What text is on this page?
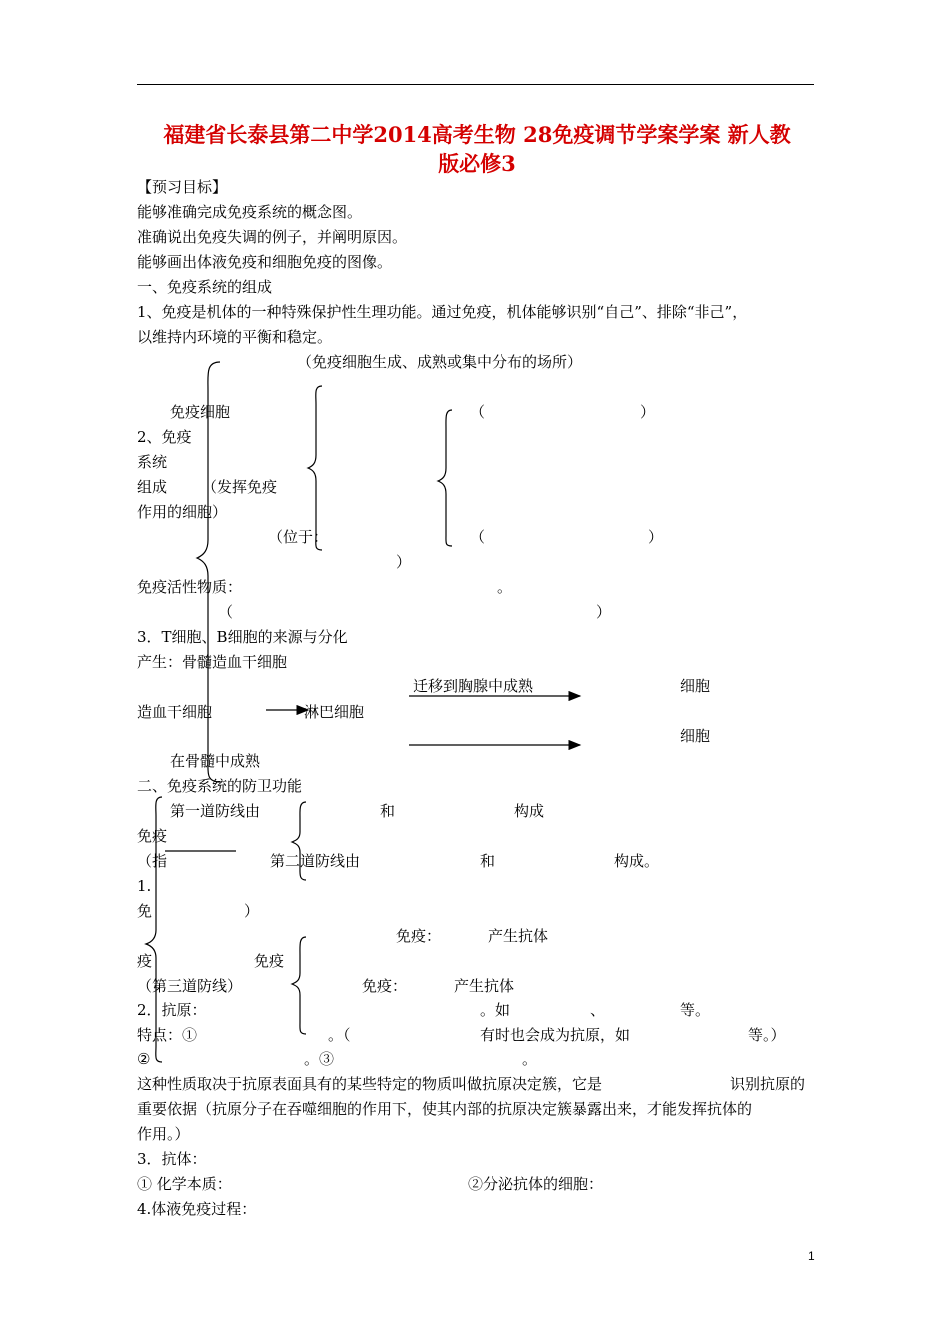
福建省长泰县第二中学2014高考生物 28免疫调节学案学案 新人教
版必修3
【预习目标】
能够准确完成免疫系统的概念图。
准确说出免疫失调的例子，并阐明原因。
能够画出体液免疫和细胞免疫的图像。
一、免疫系统的组成
1、免疫是机体的一种特殊保护性生理功能。通过免疫，机体能够识别“自己”、排除“非己”，
以维持内环境的平衡和稳定。
（免疫细胞生成、成熟或集中分布的场所）
免疫细胞	（	）
2、免疫
系统
组成 （发挥免疫
作用的细胞）
（位于：	（	）
）
免疫活性物质：	。
（	）
3．T细胞、B细胞的来源与分化
产生：骨髓造血干细胞
迁移到胸腺中成熟	细胞
造血干细胞	淋巴细胞
细胞
在骨髓中成熟
二、免疫系统的防卫功能
第一道防线由	和	构成
免疫
（指	第二道防线由	和	构成。
1.
免	）
免疫：	产生抗体
疫	免疫
免疫：	产生抗体
（第三道防线）
2．抗原：	。如	、	等。
特点：①	。（	有时也会成为抗原，如	等。）
②	。③	。
这种性质取决于抗原表面具有的某些特定的物质叫做抗原决定簇，它是	识别抗原的
重要依据（抗原分子在吞噬细胞的作用下，使其内部的抗原决定簇暴露出来，才能发挥抗体的
作用。）
3．抗体：
① 化学本质：	②分泌抗体的细胞：
4.体液免疫过程：
1
